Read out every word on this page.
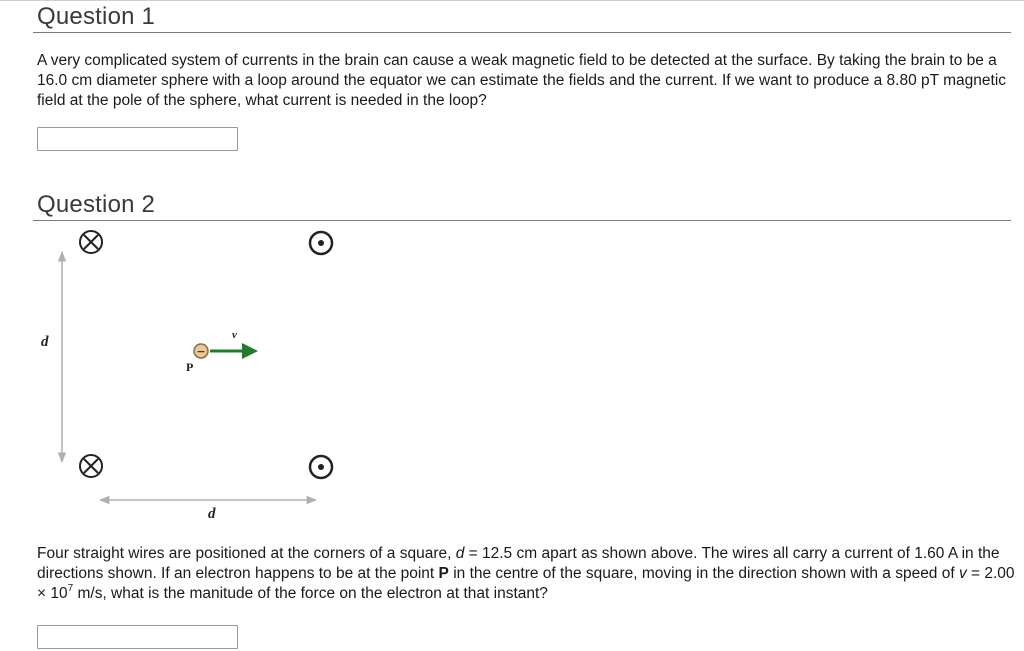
Question 1

A very complicated system of currents in the brain can cause a weak magnetic field to be detected at the surface. By taking the brain to be a 16.0 cm diameter sphere with a loop around the equator we can estimate the fields and the current. If we want to produce a 8.80 pT magnetic field at the pole of the sphere, what current is needed in the loop?

Question 2
d
d
−
P
v

Four straight wires are positioned at the corners of a square, d = 12.5 cm apart as shown above. The wires all carry a current of 1.60 A in the directions shown. If an electron happens to be at the point P in the centre of the square, moving in the direction shown with a speed of $v = 2.00 \times 10^7$ m/s, what is the manitude of the force on the electron at that instant?
